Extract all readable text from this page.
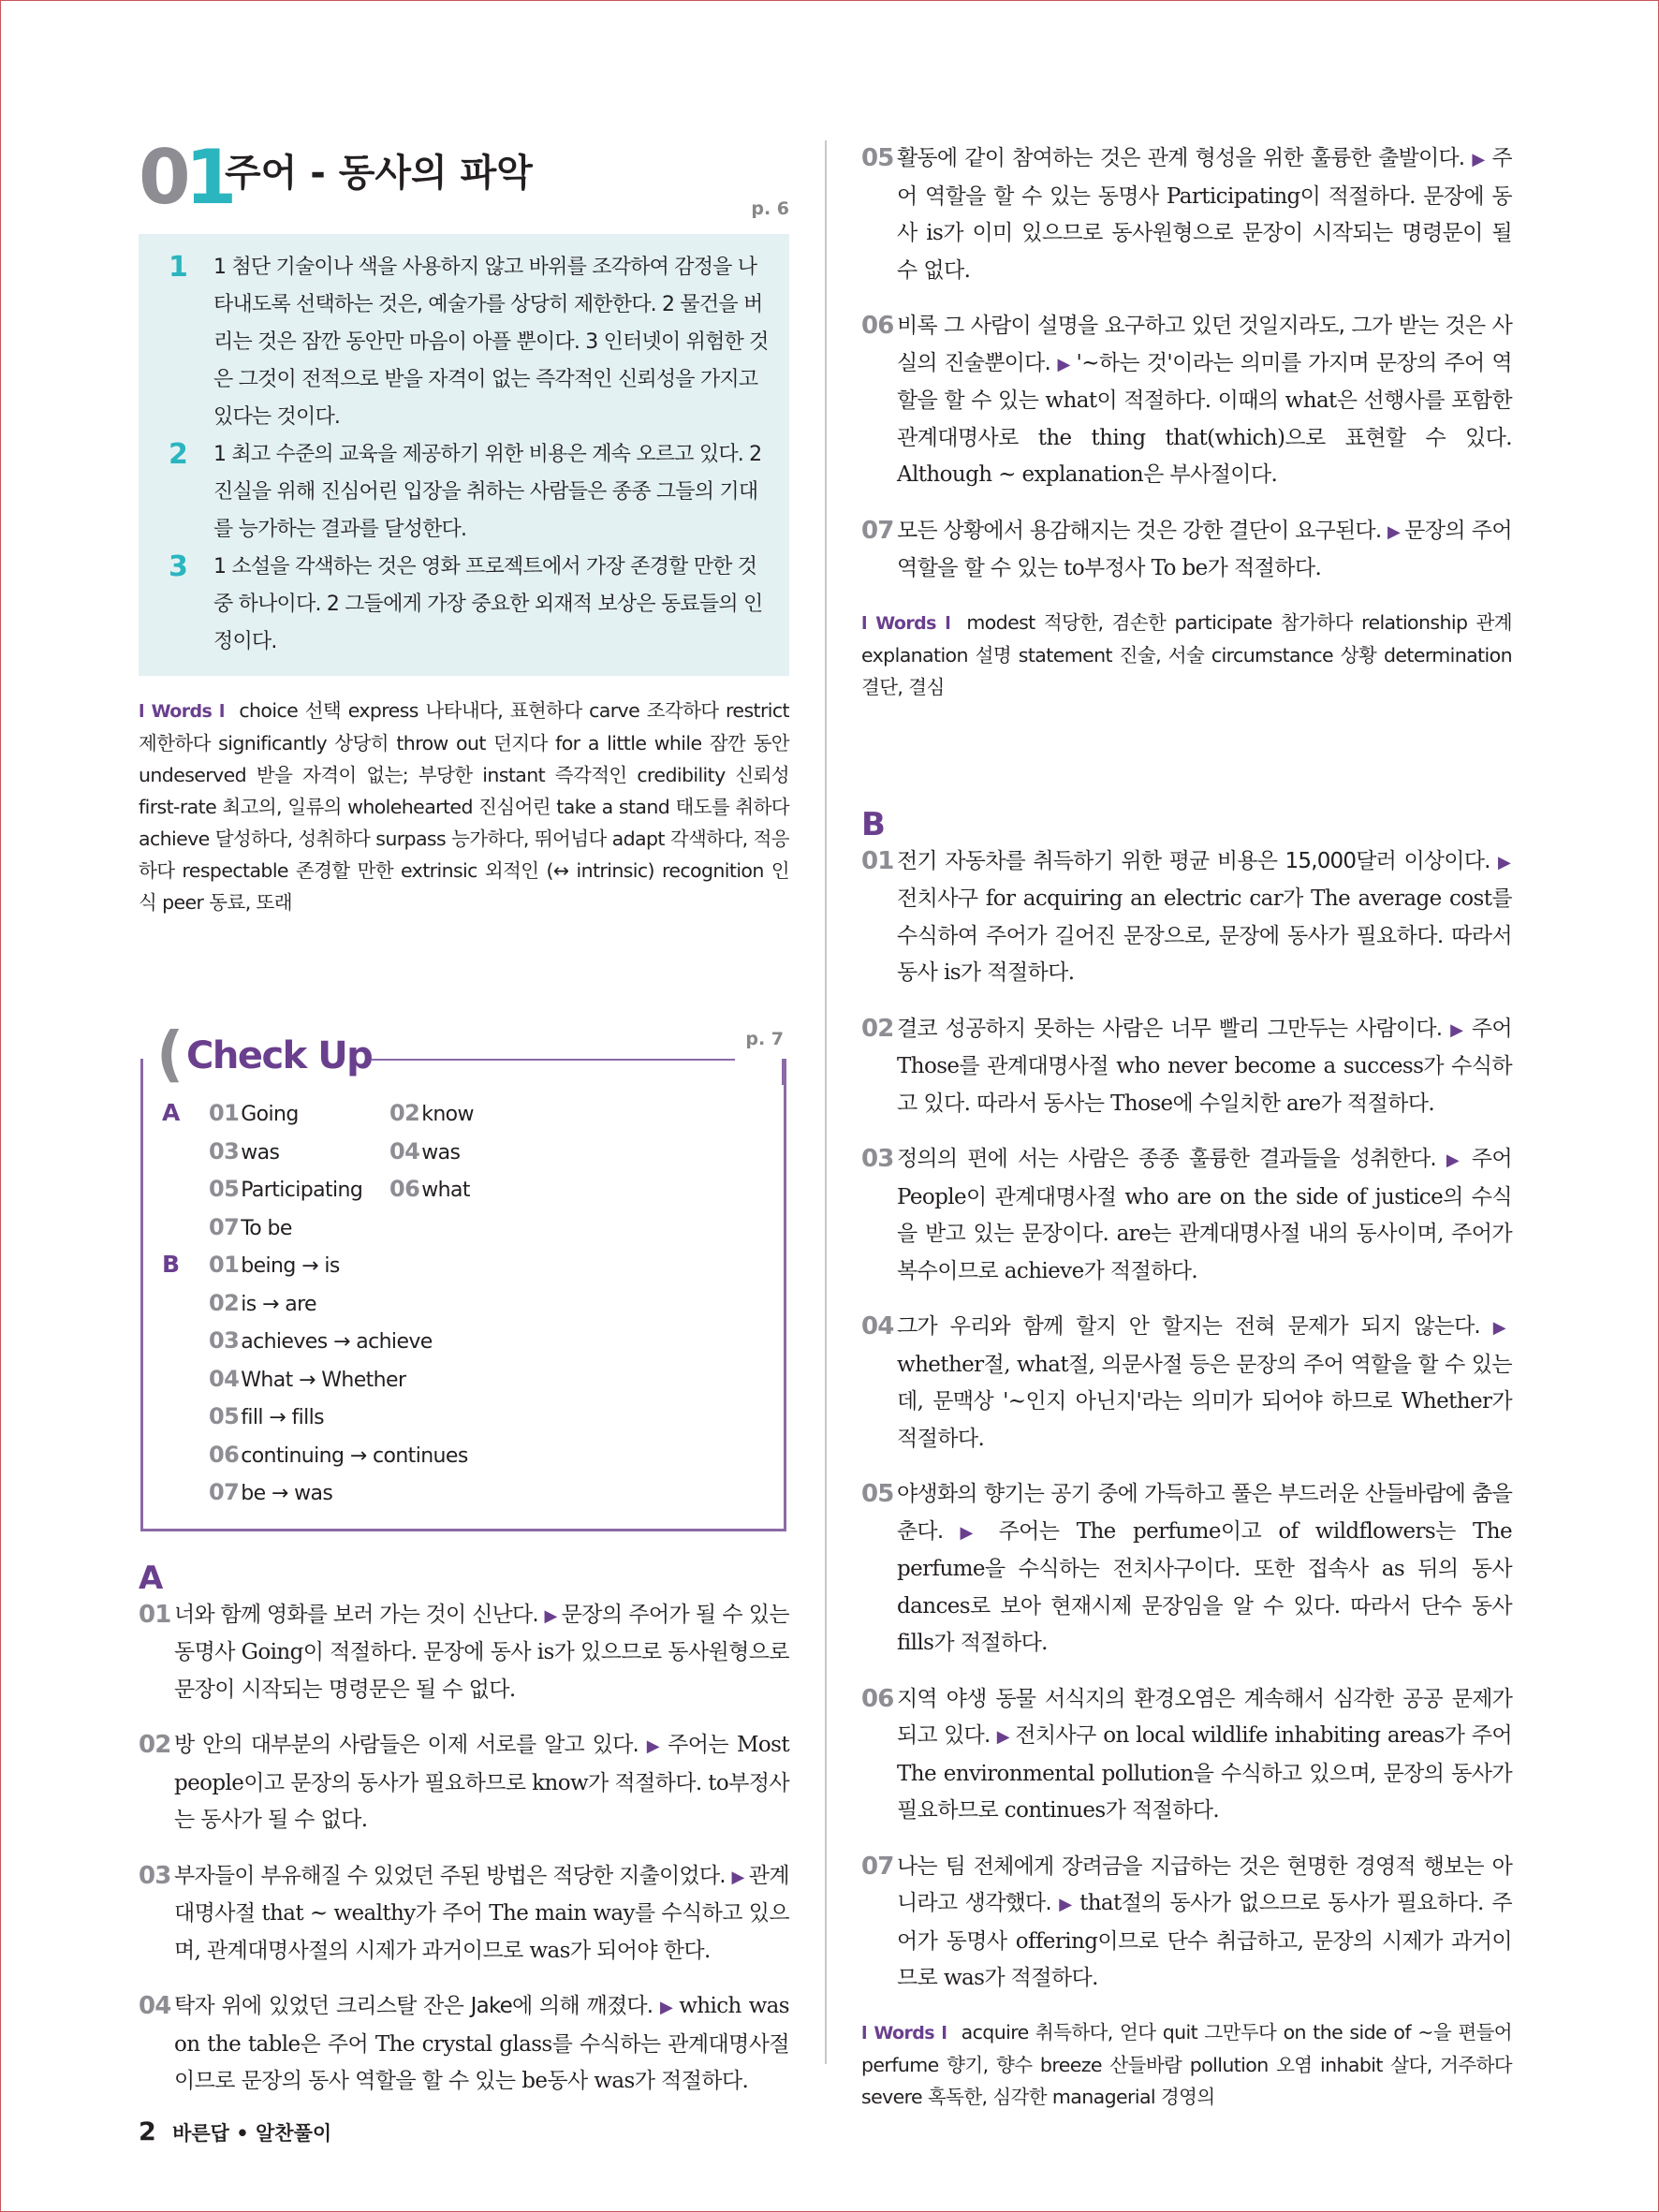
01
주어 - 동사의 파악
p. 6
1 1 첨단 기술이나 색을 사용하지 않고 바위를 조각하여 감정을 나타내도록 선택하는 것은, 예술가를 상당히 제한한다. 2 물건을 버리는 것은 잠깐 동안만 마음이 아플 뿐이다. 3 인터넷이 위험한 것은 그것이 전적으로 받을 자격이 없는 즉각적인 신뢰성을 가지고 있다는 것이다.
2 1 최고 수준의 교육을 제공하기 위한 비용은 계속 오르고 있다. 2 진실을 위해 진심어린 입장을 취하는 사람들은 종종 그들의 기대를 능가하는 결과를 달성한다.
3 1 소설을 각색하는 것은 영화 프로젝트에서 가장 존경할 만한 것 중 하나이다. 2 그들에게 가장 중요한 외재적 보상은 동료들의 인정이다.
l Words l choice 선택 express 나타내다, 표현하다 carve 조각하다 restrict 제한하다 significantly 상당히 throw out 던지다 for a little while 잠깐 동안 undeserved 받을 자격이 없는; 부당한 instant 즉각적인 credibility 신뢰성 first-rate 최고의, 일류의 wholehearted 진심어린 take a stand 태도를 취하다 achieve 달성하다, 성취하다 surpass 능가하다, 뛰어넘다 adapt 각색하다, 적응하다 respectable 존경할 만한 extrinsic 외적인 (↔ intrinsic) recognition 인식 peer 동료, 또래
( Check Up	p. 7
A 01Going	02know
03was	04was
05Participating 06what
07To be
B 01being → is
02is → are
03achieves → achieve
04What → Whether
05fill → fills
06continuing → continues
07be → was
A
01 너와 함께 영화를 보러 가는 것이 신난다. ▶ 문장의 주어가 될 수 있는 동명사 Going이 적절하다. 문장에 동사 is가 있으므로 동사원형으로 문장이 시작되는 명령문은 될 수 없다.
02 방 안의 대부분의 사람들은 이제 서로를 알고 있다. ▶ 주어는 Most people이고 문장의 동사가 필요하므로 know가 적절하다. to부정사는 동사가 될 수 없다.
03 부자들이 부유해질 수 있었던 주된 방법은 적당한 지출이었다. ▶ 관계대명사절 that ~ wealthy가 주어 The main way를 수식하고 있으며, 관계대명사절의 시제가 과거이므로 was가 되어야 한다.
04 탁자 위에 있었던 크리스탈 잔은 Jake에 의해 깨졌다. ▶ which was on the table은 주어 The crystal glass를 수식하는 관계대명사절이므로 문장의 동사 역할을 할 수 있는 be동사 was가 적절하다.
05 활동에 같이 참여하는 것은 관계 형성을 위한 훌륭한 출발이다. ▶ 주어 역할을 할 수 있는 동명사 Participating이 적절하다. 문장에 동사 is가 이미 있으므로 동사원형으로 문장이 시작되는 명령문이 될 수 없다.
06 비록 그 사람이 설명을 요구하고 있던 것일지라도, 그가 받는 것은 사실의 진술뿐이다. ▶ '~하는 것'이라는 의미를 가지며 문장의 주어 역할을 할 수 있는 what이 적절하다. 이때의 what은 선행사를 포함한 관계대명사로 the thing that(which)으로 표현할 수 있다. Although ~ explanation은 부사절이다.
07 모든 상황에서 용감해지는 것은 강한 결단이 요구된다. ▶ 문장의 주어 역할을 할 수 있는 to부정사 To be가 적절하다.
l Words l modest 적당한, 겸손한 participate 참가하다 relationship 관계 explanation 설명 statement 진술, 서술 circumstance 상황 determination 결단, 결심
B
01 전기 자동차를 취득하기 위한 평균 비용은 15,000달러 이상이다. ▶ 전치사구 for acquiring an electric car가 The average cost를 수식하여 주어가 길어진 문장으로, 문장에 동사가 필요하다. 따라서 동사 is가 적절하다.
02 결코 성공하지 못하는 사람은 너무 빨리 그만두는 사람이다. ▶ 주어 Those를 관계대명사절 who never become a success가 수식하고 있다. 따라서 동사는 Those에 수일치한 are가 적절하다.
03 정의의 편에 서는 사람은 종종 훌륭한 결과들을 성취한다. ▶ 주어 People이 관계대명사절 who are on the side of justice의 수식을 받고 있는 문장이다. are는 관계대명사절 내의 동사이며, 주어가 복수이므로 achieve가 적절하다.
04 그가 우리와 함께 할지 안 할지는 전혀 문제가 되지 않는다. ▶ whether절, what절, 의문사절 등은 문장의 주어 역할을 할 수 있는데, 문맥상 '~인지 아닌지'라는 의미가 되어야 하므로 Whether가 적절하다.
05 야생화의 향기는 공기 중에 가득하고 풀은 부드러운 산들바람에 춤을 춘다. ▶ 주어는 The perfume이고 of wildflowers는 The perfume을 수식하는 전치사구이다. 또한 접속사 as 뒤의 동사 dances로 보아 현재시제 문장임을 알 수 있다. 따라서 단수 동사 fills가 적절하다.
06 지역 야생 동물 서식지의 환경오염은 계속해서 심각한 공공 문제가 되고 있다. ▶ 전치사구 on local wildlife inhabiting areas가 주어 The environmental pollution을 수식하고 있으며, 문장의 동사가 필요하므로 continues가 적절하다.
07 나는 팀 전체에게 장려금을 지급하는 것은 현명한 경영적 행보는 아니라고 생각했다. ▶ that절의 동사가 없으므로 동사가 필요하다. 주어가 동명사 offering이므로 단수 취급하고, 문장의 시제가 과거이므로 was가 적절하다.
l Words l acquire 취득하다, 얻다 quit 그만두다 on the side of ~을 편들어 perfume 향기, 향수 breeze 산들바람 pollution 오염 inhabit 살다, 거주하다 severe 혹독한, 심각한 managerial 경영의
2 바른답 • 알찬풀이
